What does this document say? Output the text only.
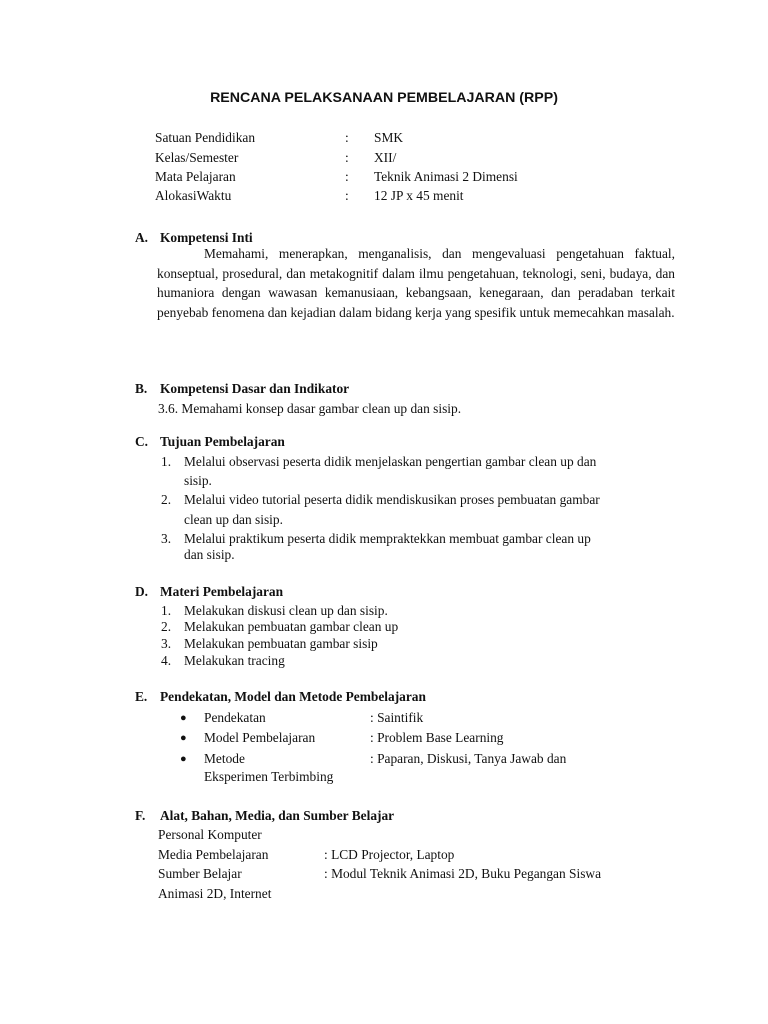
RENCANA PELAKSANAAN PEMBELAJARAN (RPP)
Satuan Pendidikan	: SMK
Kelas/Semester	: XII/
Mata Pelajaran	: Teknik Animasi 2 Dimensi
AlokasiWaktu	: 12 JP x 45 menit
A. Kompetensi Inti
Memahami, menerapkan, menganalisis, dan mengevaluasi pengetahuan faktual, konseptual, prosedural, dan metakognitif dalam ilmu pengetahuan, teknologi, seni, budaya, dan humaniora dengan wawasan kemanusiaan, kebangsaan, kenegaraan, dan peradaban terkait penyebab fenomena dan kejadian dalam bidang kerja yang spesifik untuk memecahkan masalah.
B. Kompetensi Dasar dan Indikator
3.6. Memahami konsep dasar gambar clean up dan sisip.
C. Tujuan Pembelajaran
1. Melalui observasi peserta didik menjelaskan pengertian gambar clean up dan
sisip.
2. Melalui video tutorial peserta didik mendiskusikan proses pembuatan gambar
clean up dan sisip.
3. Melalui praktikum peserta didik mempraktekkan membuat gambar clean up
dan sisip.
D. Materi Pembelajaran
1. Melakukan diskusi clean up dan sisip.
2. Melakukan pembuatan gambar clean up
3. Melakukan pembuatan gambar sisip
4. Melakukan tracing
E. Pendekatan, Model dan Metode Pembelajaran
● Pendekatan	: Saintifik
● Model Pembelajaran	: Problem Base Learning
● Metode	: Paparan, Diskusi, Tanya Jawab dan
Eksperimen Terbimbing
F. Alat, Bahan, Media, dan Sumber Belajar
Personal Komputer
Media Pembelajaran	: LCD Projector, Laptop
Sumber Belajar	: Modul Teknik Animasi 2D, Buku Pegangan Siswa
Animasi 2D, Internet
